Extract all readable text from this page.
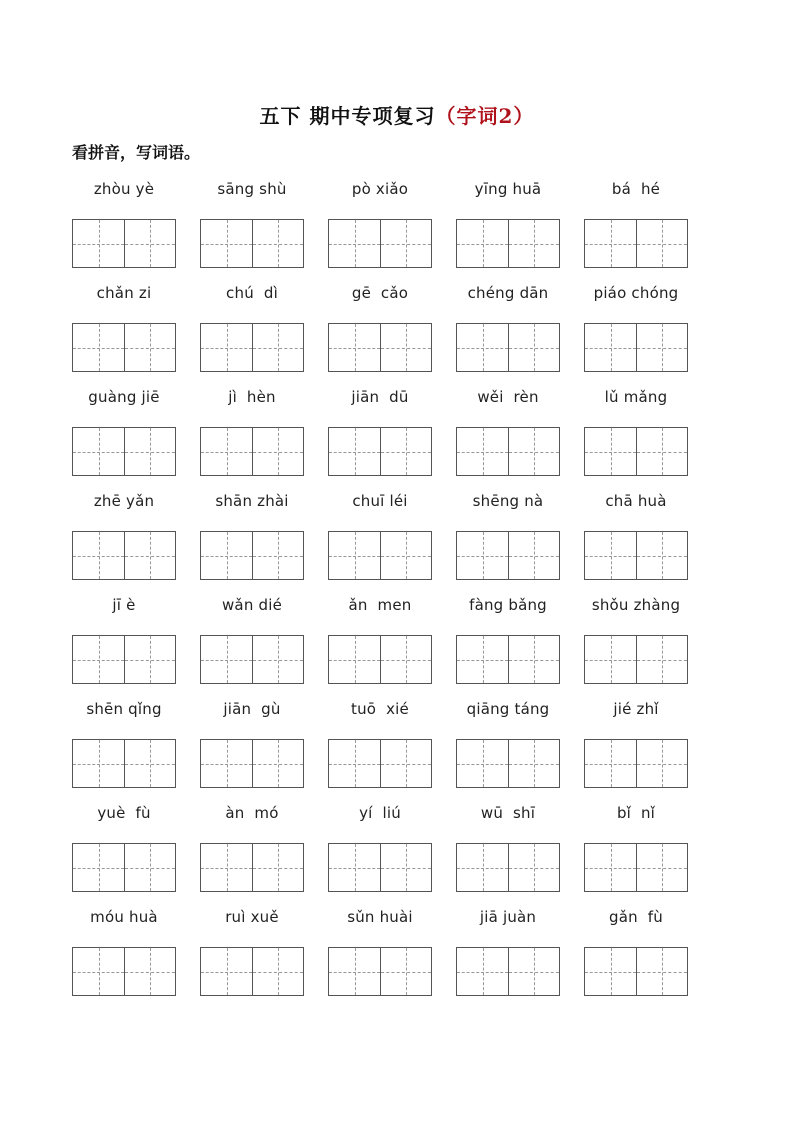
五下 期中专项复习（字词2）
看拼音，写词语。
zhòu yè	sāng shù	pò xiǎo	yīng huā	bá  hé
chǎn zi	chú  dì	gē  cǎo	chéng dān	piáo chóng
guàng jiē	jì  hèn	jiān  dū	wěi  rèn	lǔ mǎng
zhē yǎn	shān zhài	chuī léi	shēng nà	chā huà
jī è	wǎn dié	ǎn  men	fàng bǎng	shǒu zhàng
shēn qǐng	jiān  gù	tuō  xié	qiāng táng	jié zhǐ
yuè  fù	àn  mó	yí  liú	wū  shī	bǐ  nǐ
móu huà	ruì xuě	sǔn huài	jiā juàn	gǎn  fù
